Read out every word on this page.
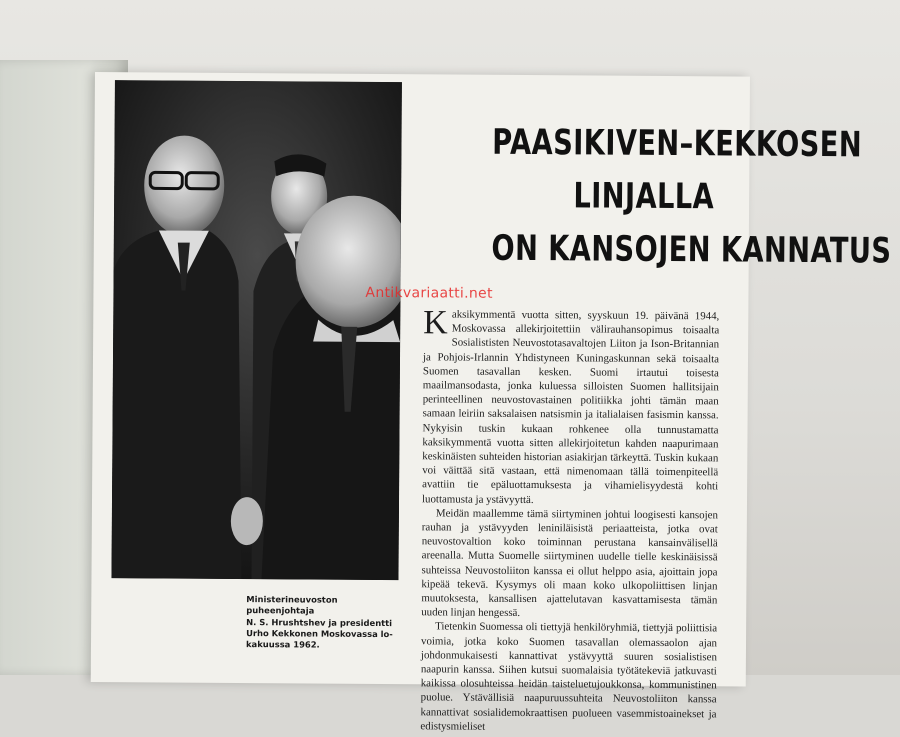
Ministerineuvoston puheenjohtaja
N. S. Hrushtshev ja presidentti
Urho Kekkonen Moskovassa lo-
kakuussa 1962.
PAASIKIVEN–KEKKOSEN
LINJALLA
ON KANSOJEN KANNATUS

Kaksikymmentä vuotta sitten, syyskuun 19. päivänä 1944, Moskovassa allekirjoitettiin välirauhansopimus toisaalta Sosialististen Neuvostotasavaltojen Liiton ja Ison-Britannian ja Pohjois-Irlannin Yhdistyneen Kuningaskunnan sekä toisaalta Suomen tasavallan kesken. Suomi irtautui toisesta maailmansodasta, jonka kuluessa silloisten Suomen hallitsijain perinteellinen neuvostovastainen politiikka johti tämän maan samaan leiriin saksalaisen natsismin ja italialaisen fasismin kanssa. Nykyisin tuskin kukaan rohkenee olla tunnustamatta kaksikymmentä vuotta sitten allekirjoitetun kahden naapurimaan keskinäisten suhteiden historian asiakirjan tärkeyttä. Tuskin kukaan voi väittää sitä vastaan, että nimenomaan tällä toimenpiteellä avattiin tie epäluottamuksesta ja vihamielisyydestä kohti luottamusta ja ystävyyttä.

Meidän maallemme tämä siirtyminen johtui loogisesti kansojen rauhan ja ystävyyden leniniläisistä periaatteista, jotka ovat neuvostovaltion koko toiminnan perustana kansainvälisellä areenalla. Mutta Suomelle siirtyminen uudelle tielle keskinäisissä suhteissa Neuvostoliiton kanssa ei ollut helppo asia, ajoittain jopa kipeää tekevä. Kysymys oli maan koko ulkopoliittisen linjan muutoksesta, kansallisen ajattelutavan kasvattamisesta tämän uuden linjan hengessä.

Tietenkin Suomessa oli tiettyjä henkilöryhmiä, tiettyjä poliittisia voimia, jotka koko Suomen tasavallan olemassaolon ajan johdonmukaisesti kannattivat ystävyyttä suuren sosialistisen naapurin kanssa. Siihen kutsui suomalaisia työtätekeviä jatkuvasti kaikissa olosuhteissa heidän taisteluetujoukkonsa, kommunistinen puolue. Ystävällisiä naapuruussuhteita Neuvostoliiton kanssa kannattivat sosialidemokraattisen puolueen vasemmistoainekset ja edistysmieliset

Antikvariaatti.net
